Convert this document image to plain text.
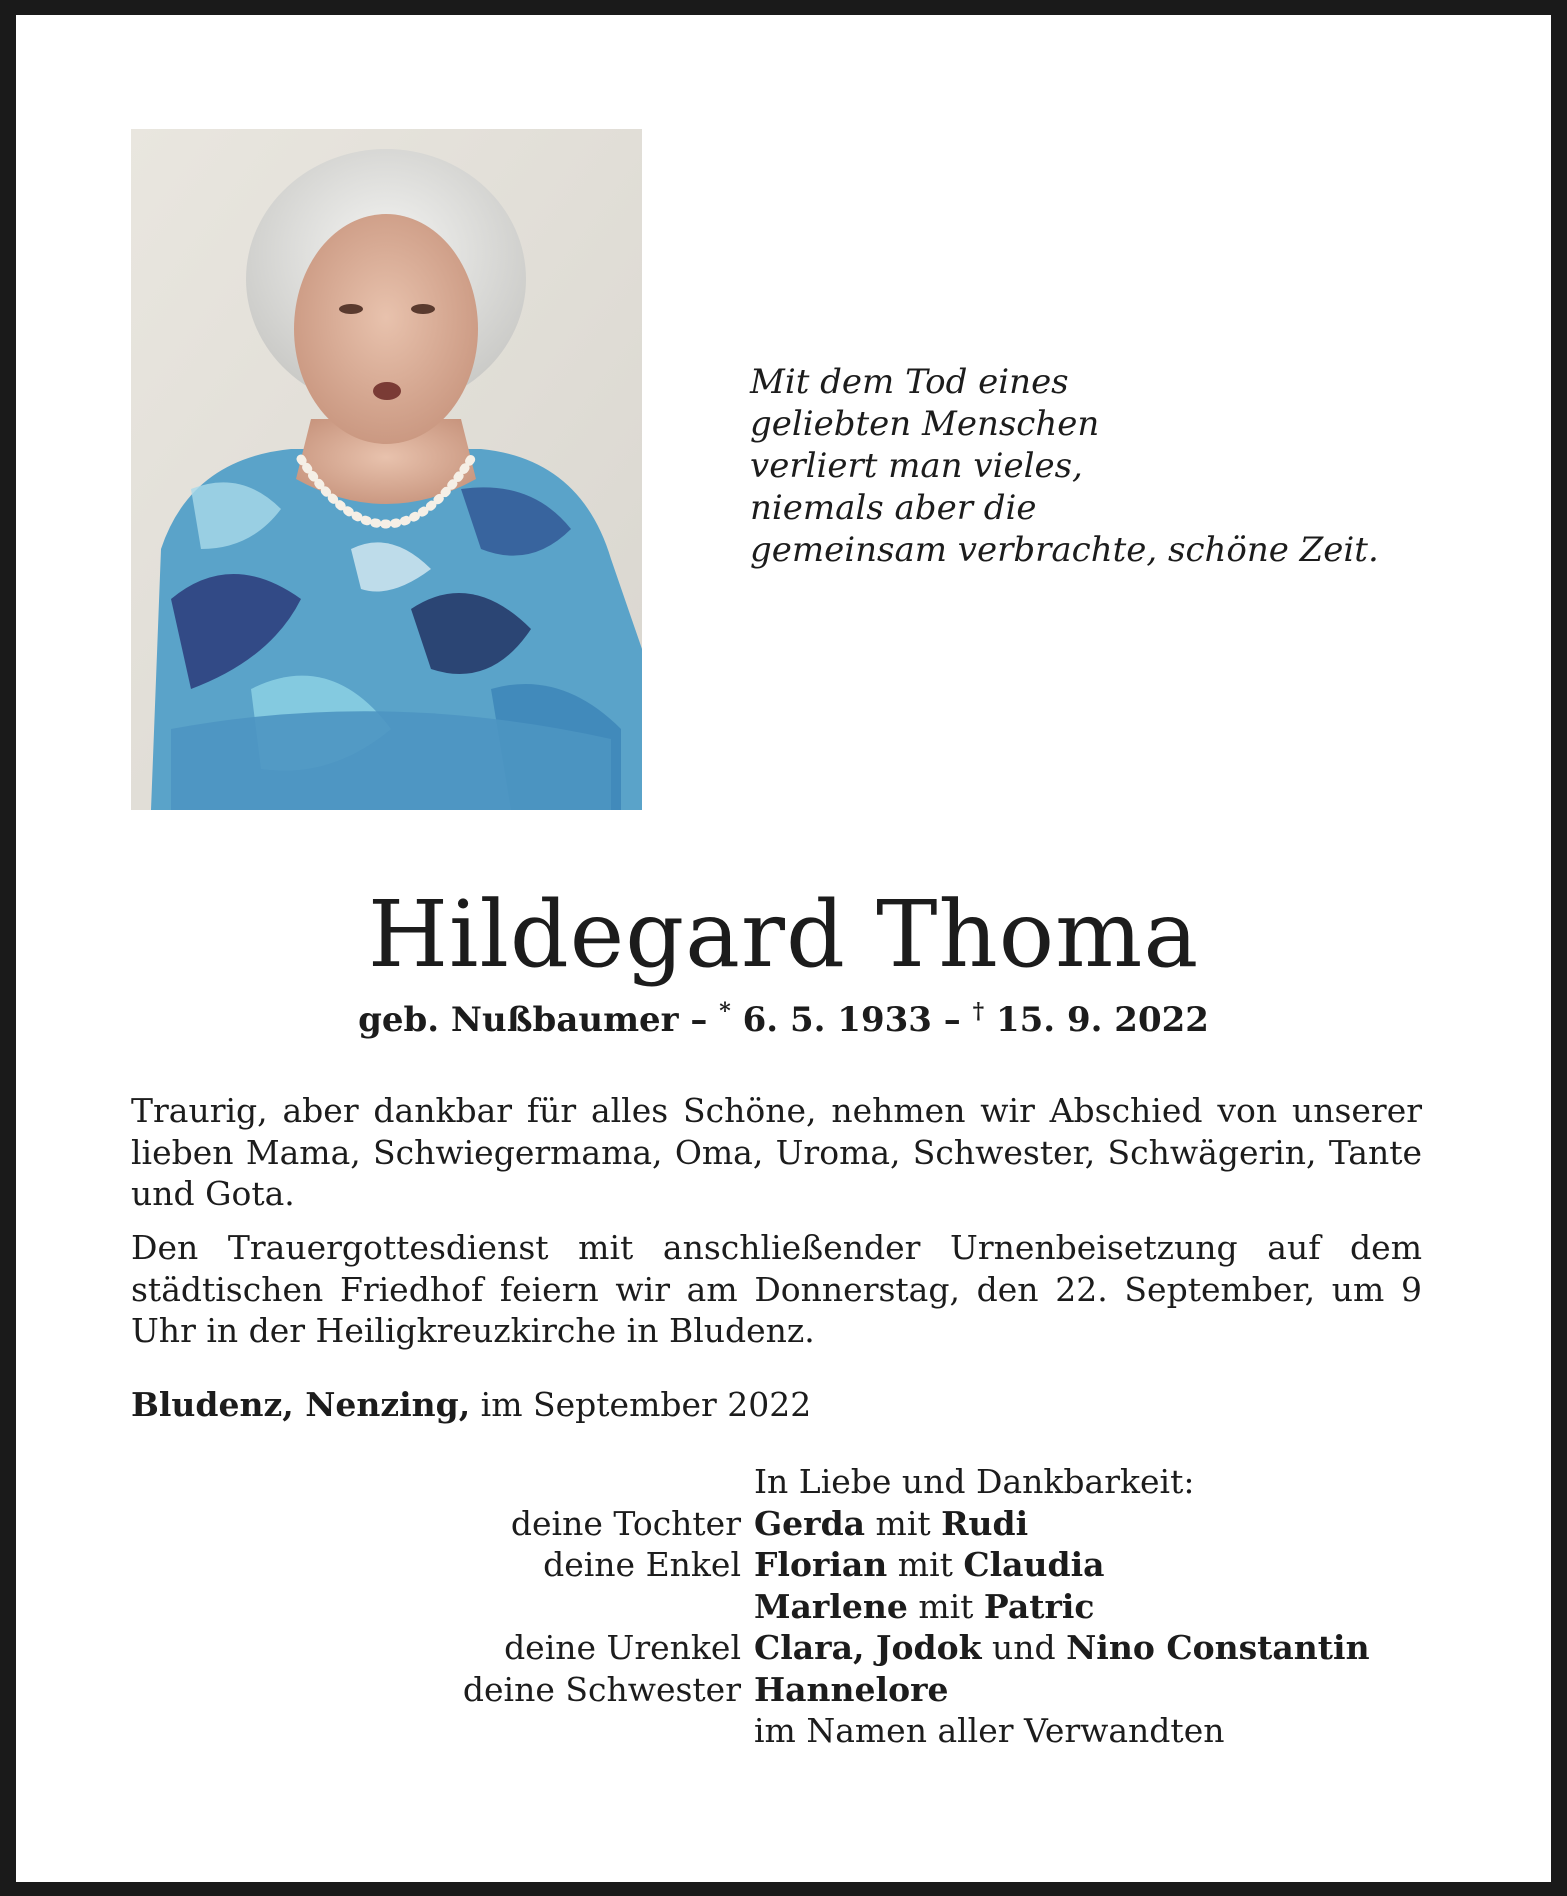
Mit dem Tod eines
geliebten Menschen
verliert man vieles,
niemals aber die
gemeinsam verbrachte, schöne Zeit.

Hildegard Thoma

geb. Nußbaumer – * 6. 5. 1933 – † 15. 9. 2022

Traurig, aber dankbar für alles Schöne, nehmen wir Abschied von unserer lieben Mama, Schwiegermama, Oma, Uroma, Schwester, Schwägerin, Tante und Gota.

Den Trauergottesdienst mit anschließender Urnenbeisetzung auf dem städtischen Friedhof feiern wir am Donnerstag, den 22. September, um 9 Uhr in der Heiligkreuzkirche in Bludenz.

Bludenz, Nenzing, im September 2022

In Liebe und Dankbarkeit:
deine Tochter Gerda mit Rudi
deine Enkel Florian mit Claudia
Marlene mit Patric
deine Urenkel Clara, Jodok und Nino Constantin
deine Schwester Hannelore
im Namen aller Verwandten
